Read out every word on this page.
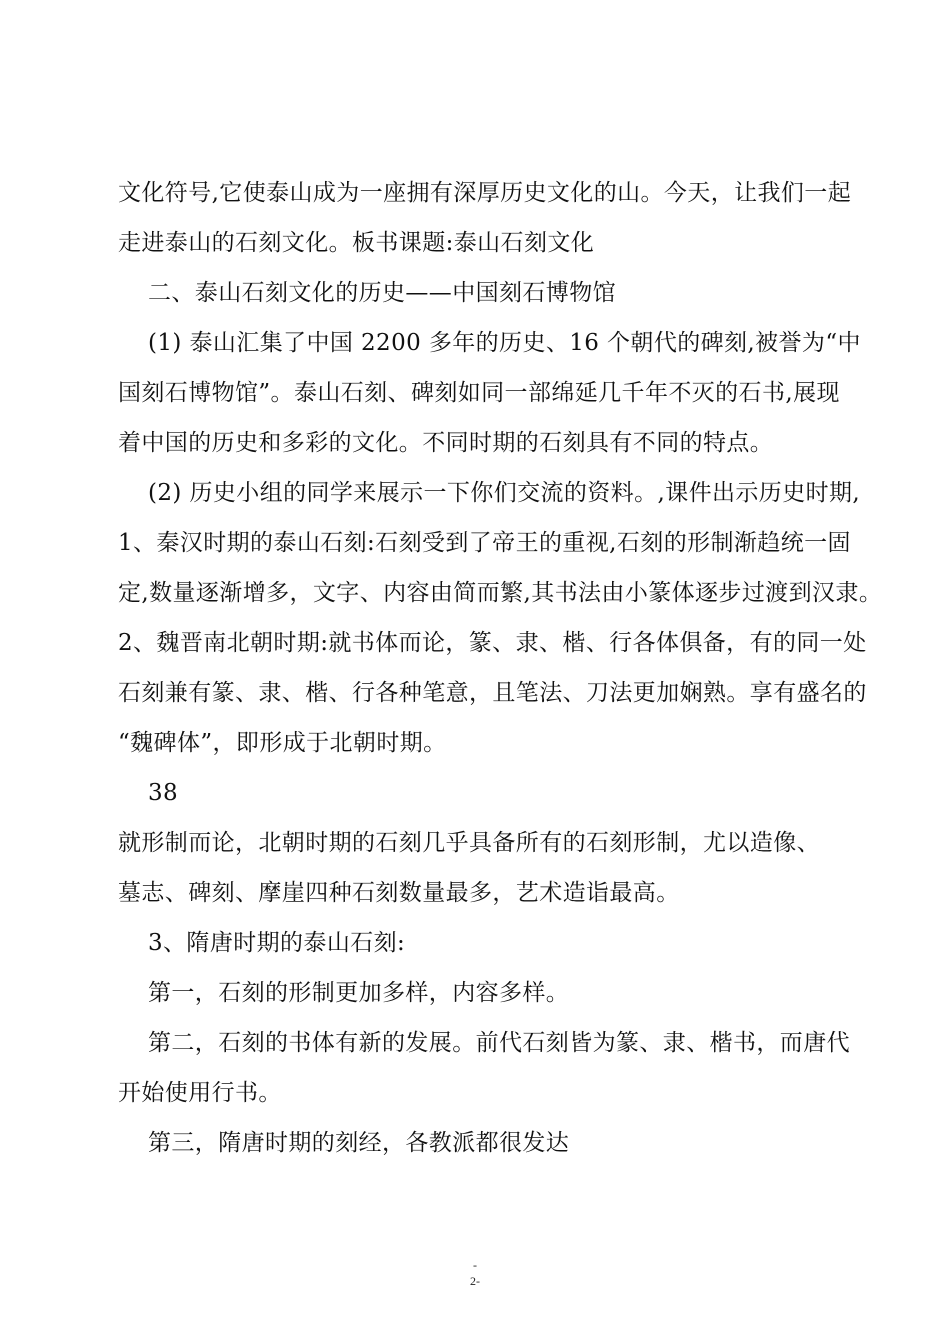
文化符号,它使泰山成为一座拥有深厚历史文化的山。今天，让我们一起
走进泰山的石刻文化。板书课题:泰山石刻文化
二、泰山石刻文化的历史——中国刻石博物馆
(1) 泰山汇集了中国 2200 多年的历史、16 个朝代的碑刻,被誉为“中
国刻石博物馆”。泰山石刻、碑刻如同一部绵延几千年不灭的石书,展现
着中国的历史和多彩的文化。不同时期的石刻具有不同的特点。
(2) 历史小组的同学来展示一下你们交流的资料。,课件出示历史时期,
1、秦汉时期的泰山石刻:石刻受到了帝王的重视,石刻的形制渐趋统一固
定,数量逐渐增多，文字、内容由简而繁,其书法由小篆体逐步过渡到汉隶。
2、魏晋南北朝时期:就书体而论，篆、隶、楷、行各体俱备，有的同一处
石刻兼有篆、隶、楷、行各种笔意，且笔法、刀法更加娴熟。享有盛名的
“魏碑体”，即形成于北朝时期。
38
就形制而论，北朝时期的石刻几乎具备所有的石刻形制，尤以造像、
墓志、碑刻、摩崖四种石刻数量最多，艺术造诣最高。
3、隋唐时期的泰山石刻:
第一，石刻的形制更加多样，内容多样。
第二，石刻的书体有新的发展。前代石刻皆为篆、隶、楷书，而唐代
开始使用行书。
第三，隋唐时期的刻经，各教派都很发达
-
2-
